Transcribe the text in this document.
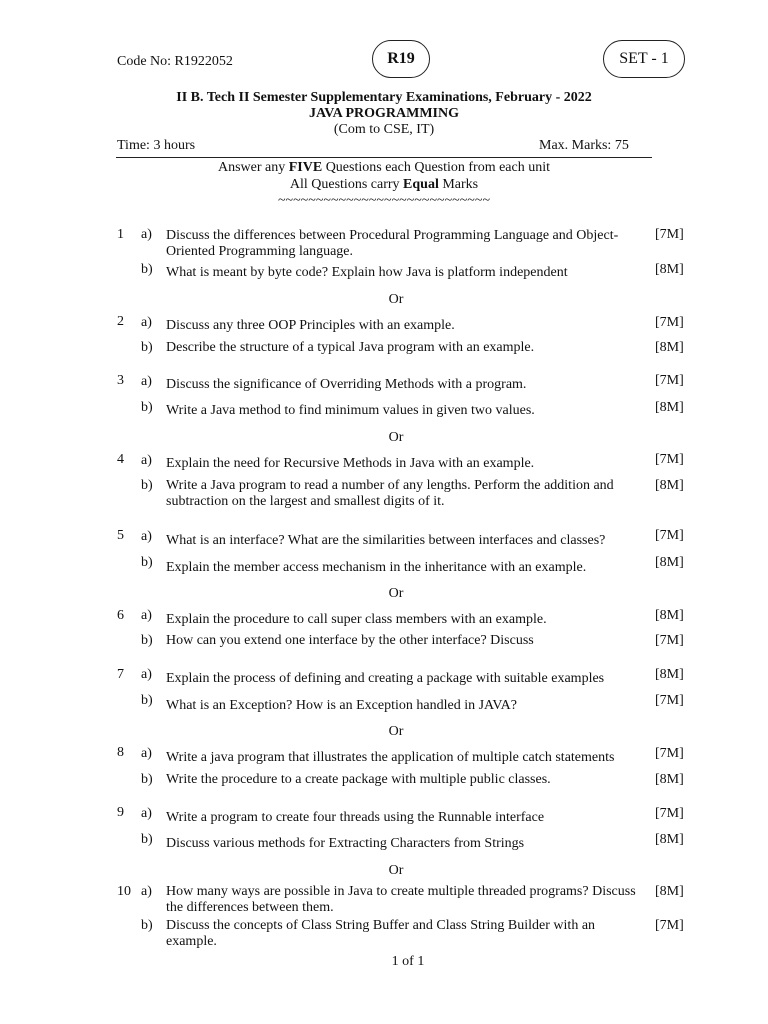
Code No: R1922052	R19	SET - 1
II B. Tech II Semester Supplementary Examinations, February - 2022
JAVA PROGRAMMING
(Com to CSE, IT)
Time: 3 hours	Max. Marks: 75
Answer any FIVE Questions each Question from each unit
All Questions carry Equal Marks
~~~~~~~~~~~~~~~~~~~~~~~~~~~~
1	a)	Discuss the differences between Procedural Programming Language and Object-Oriented Programming language.
[7M]
b) What is meant by byte code? Explain how Java is platform independent	[8M]
Or
2	a)	Discuss any three OOP Principles with an example.	[7M]
b) Describe the structure of a typical Java program with an example.	[8M]
3	a)	Discuss the significance of Overriding Methods with a program.	[7M]
b) Write a Java method to find minimum values in given two values.	[8M]
Or
4	a)	Explain the need for Recursive Methods in Java with an example.	[7M]
b) Write a Java program to read a number of any lengths. Perform the addition and subtraction on the largest and smallest digits of it.
[8M]
5	a)	What is an interface? What are the similarities between interfaces and classes?	[7M]
b) Explain the member access mechanism in the inheritance with an example.	[8M]
Or
6	a)	Explain the procedure to call super class members with an example.	[8M]
b) How can you extend one interface by the other interface? Discuss	[7M]
7	a)	Explain the process of defining and creating a package with suitable examples	[8M]
b) What is an Exception? How is an Exception handled in JAVA?	[7M]
Or
8	a)	Write a java program that illustrates the application of multiple catch statements	[7M]
b) Write the procedure to a create package with multiple public classes.	[8M]
9	a)	Write a program to create four threads using the Runnable interface	[7M]
b) Discuss various methods for Extracting Characters from Strings	[8M]
Or
10 a)	How many ways are possible in Java to create multiple threaded programs? Discuss the differences between them.
[8M]
b) Discuss the concepts of Class String Buffer and Class String Builder with an example.
[7M]
1 of 1
